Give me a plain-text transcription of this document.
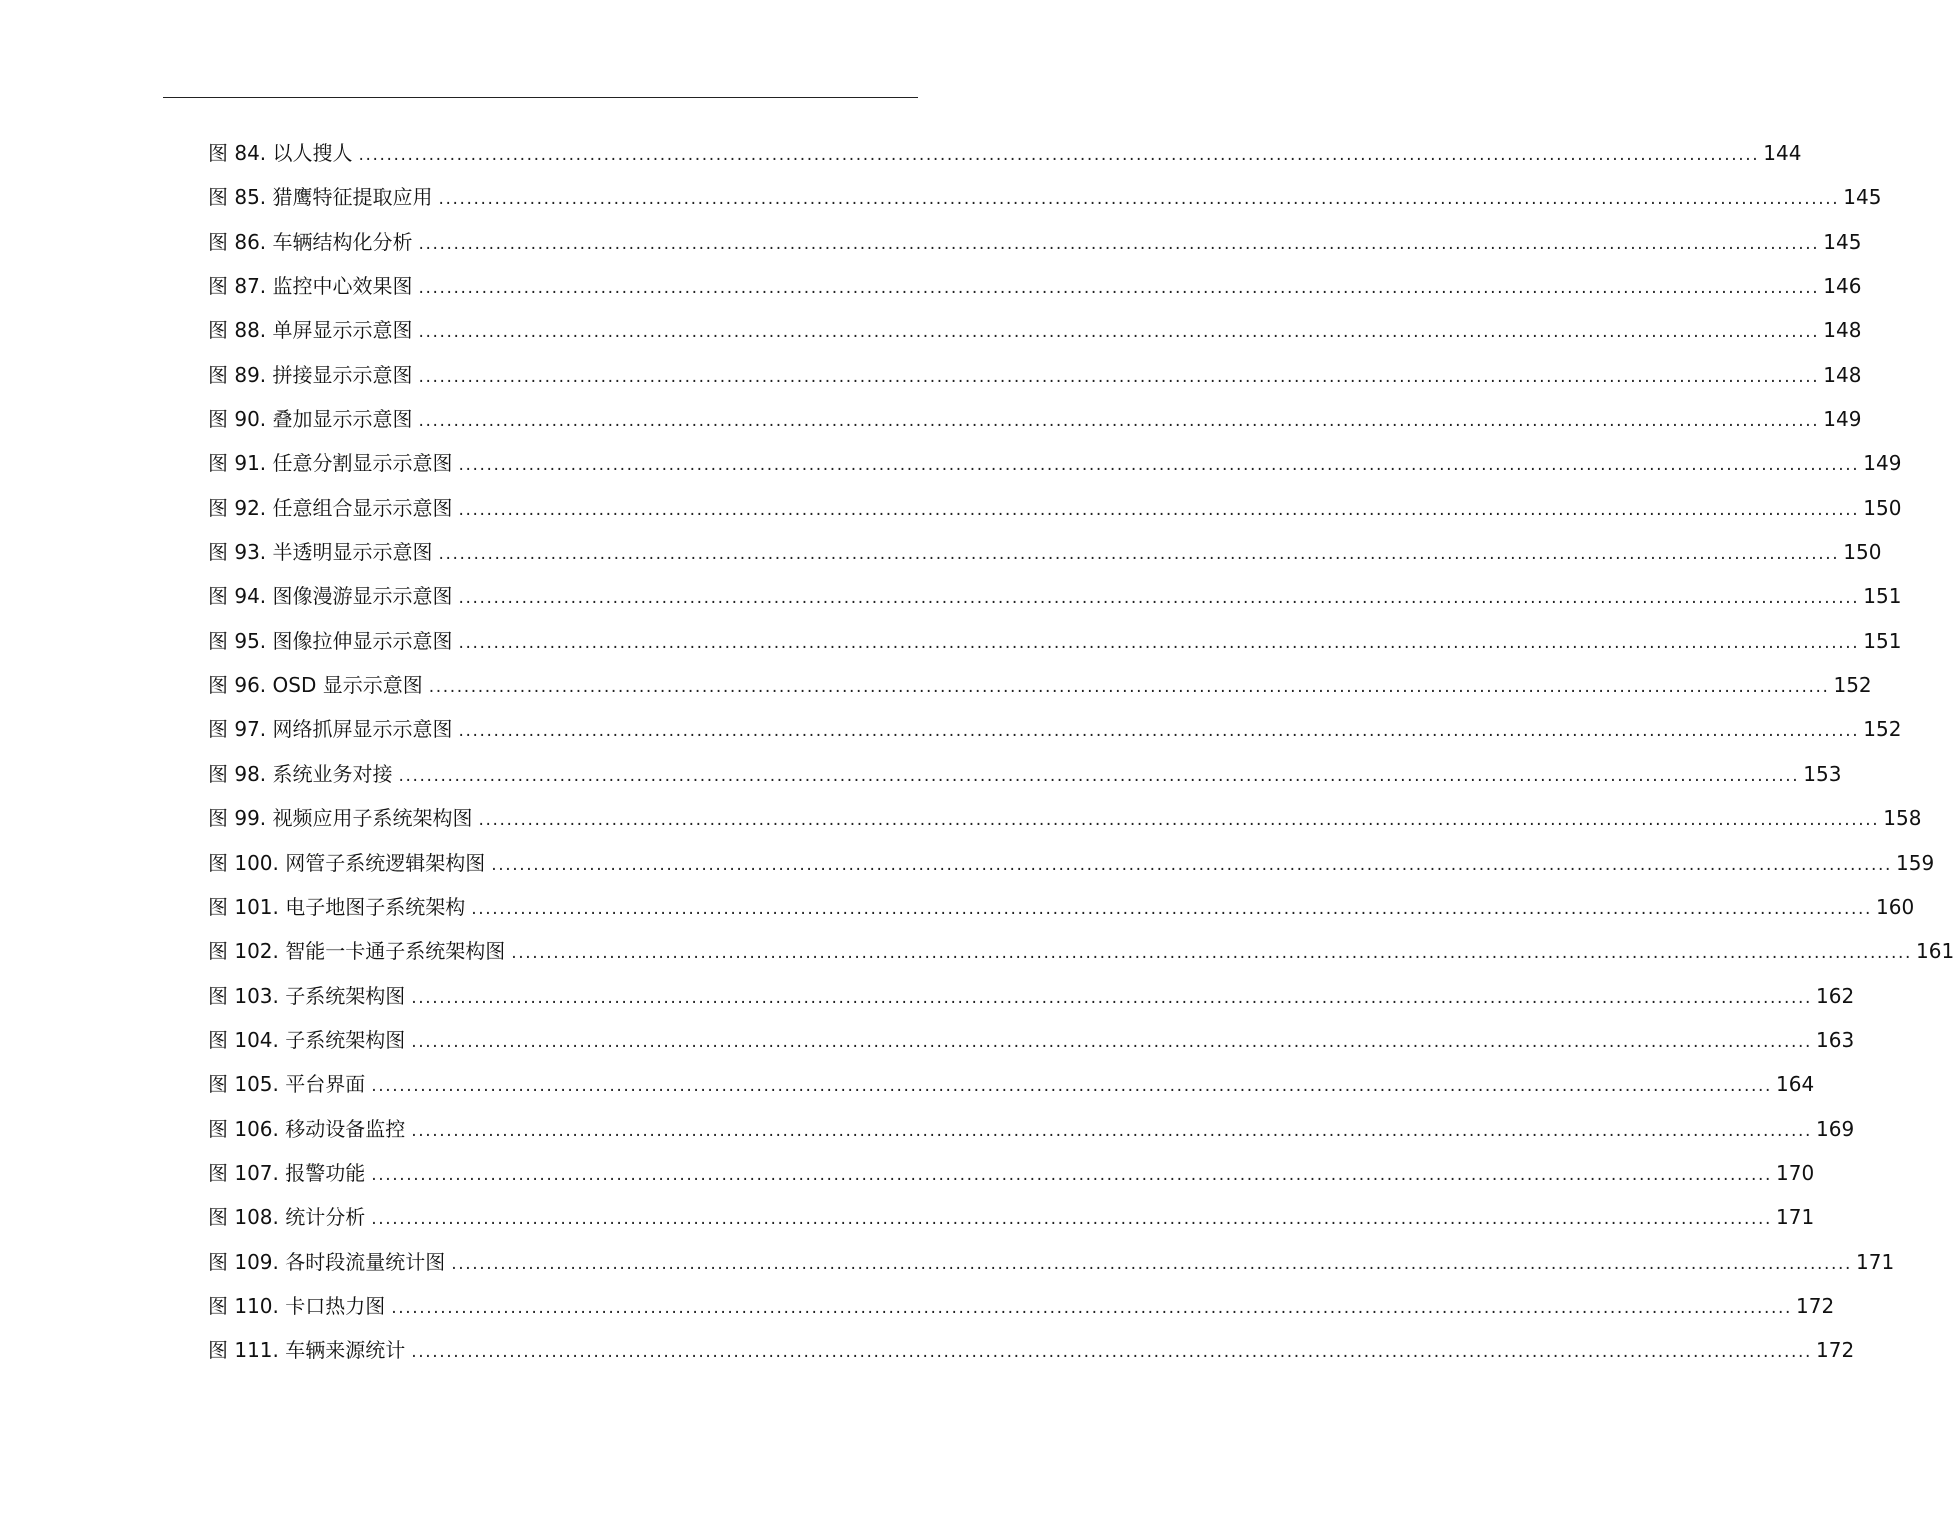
图 84. 以人搜人 ........................................................................................................................................................................................................ 144
图 85. 猎鹰特征提取应用 ........................................................................................................................................................................................................ 145
图 86. 车辆结构化分析 ........................................................................................................................................................................................................ 145
图 87. 监控中心效果图 ........................................................................................................................................................................................................ 146
图 88. 单屏显示示意图 ........................................................................................................................................................................................................ 148
图 89. 拼接显示示意图 ........................................................................................................................................................................................................ 148
图 90. 叠加显示示意图 ........................................................................................................................................................................................................ 149
图 91. 任意分割显示示意图 ........................................................................................................................................................................................................ 149
图 92. 任意组合显示示意图 ........................................................................................................................................................................................................ 150
图 93. 半透明显示示意图 ........................................................................................................................................................................................................ 150
图 94. 图像漫游显示示意图 ........................................................................................................................................................................................................ 151
图 95. 图像拉伸显示示意图 ........................................................................................................................................................................................................ 151
图 96. OSD 显示示意图 ........................................................................................................................................................................................................ 152
图 97. 网络抓屏显示示意图 ........................................................................................................................................................................................................ 152
图 98. 系统业务对接 ........................................................................................................................................................................................................ 153
图 99. 视频应用子系统架构图 ........................................................................................................................................................................................................ 158
图 100. 网管子系统逻辑架构图 ........................................................................................................................................................................................................ 159
图 101. 电子地图子系统架构 ........................................................................................................................................................................................................ 160
图 102. 智能一卡通子系统架构图 ........................................................................................................................................................................................................ 161
图 103. 子系统架构图 ........................................................................................................................................................................................................ 162
图 104. 子系统架构图 ........................................................................................................................................................................................................ 163
图 105. 平台界面 ........................................................................................................................................................................................................ 164
图 106. 移动设备监控 ........................................................................................................................................................................................................ 169
图 107. 报警功能 ........................................................................................................................................................................................................ 170
图 108. 统计分析 ........................................................................................................................................................................................................ 171
图 109. 各时段流量统计图 ........................................................................................................................................................................................................ 171
图 110. 卡口热力图 ........................................................................................................................................................................................................ 172
图 111. 车辆来源统计 ........................................................................................................................................................................................................ 172
